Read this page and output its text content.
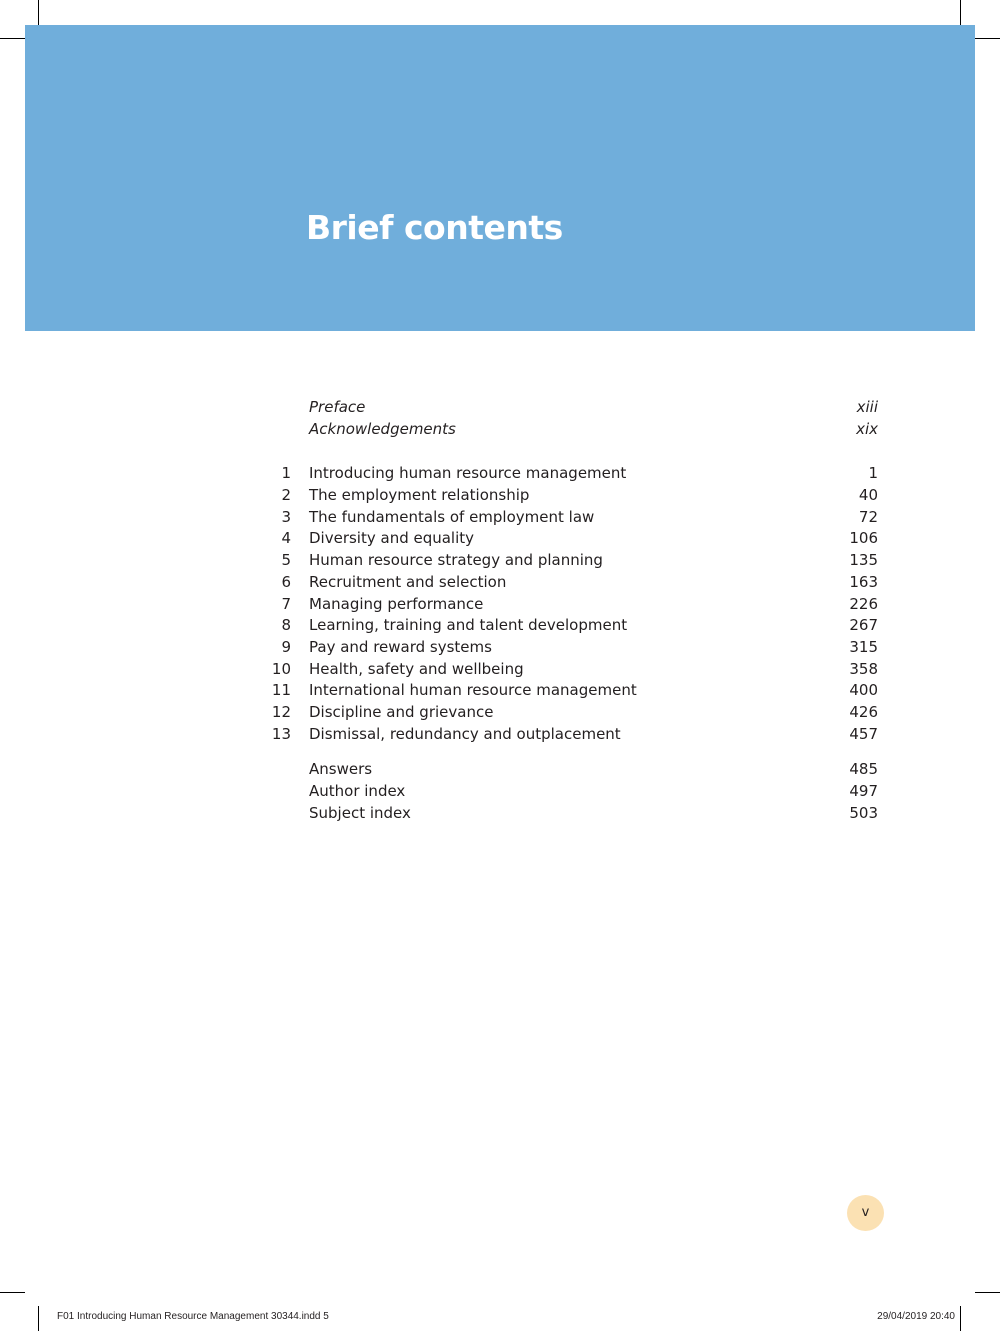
Brief contents
Preface	xiii
Acknowledgements	xix
1 Introducing human resource management	1
2 The employment relationship	40
3 The fundamentals of employment law	72
4 Diversity and equality	106
5 Human resource strategy and planning	135
6 Recruitment and selection	163
7 Managing performance	226
8 Learning, training and talent development	267
9 Pay and reward systems	315
10 Health, safety and wellbeing	358
11 International human resource management	400
12 Discipline and grievance	426
13 Dismissal, redundancy and outplacement	457
Answers	485
Author index	497
Subject index	503
v
F01 Introducing Human Resource Management 30344.indd 5	29/04/2019 20:40
